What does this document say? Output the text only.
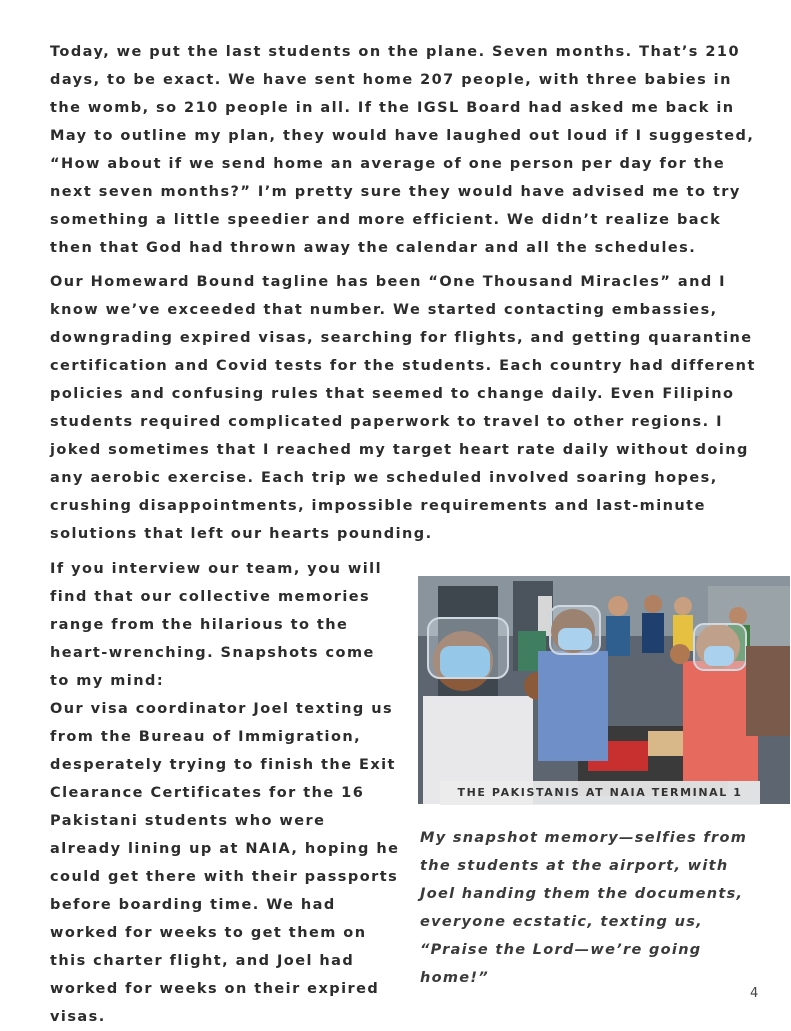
Today, we put the last students on the plane. Seven months. That’s 210 days, to be exact. We have sent home 207 people, with three babies in the womb, so 210 people in all. If the IGSL Board had asked me back in May to outline my plan, they would have laughed out loud if I suggested, “How about if we send home an average of one person per day for the next seven months?” I’m pretty sure they would have advised me to try something a little speedier and more efficient. We didn’t realize back then that God had thrown away the calendar and all the schedules.

Our Homeward Bound tagline has been “One Thousand Miracles” and I know we’ve exceeded that number. We started contacting embassies, downgrading expired visas, searching for flights, and getting quarantine certification and Covid tests for the students. Each country had different policies and confusing rules that seemed to change daily. Even Filipino students required complicated paperwork to travel to other regions. I joked sometimes that I reached my target heart rate daily without doing any aerobic exercise. Each trip we scheduled involved soaring hopes, crushing disappointments, impossible requirements and last-minute solutions that left our hearts pounding.

If you interview our team, you will find that our collective memories range from the hilarious to the heart-wrenching. Snapshots come to my mind:
Our visa coordinator Joel texting us from the Bureau of Immigration, desperately trying to finish the Exit Clearance Certificates for the 16 Pakistani students who were already lining up at NAIA, hoping he could get there with their passports before boarding time. We had worked for weeks to get them on this charter flight, and Joel had worked for weeks on their expired visas.

THE PAKISTANIS AT NAIA TERMINAL 1

My snapshot memory—selfies from the students at the airport, with Joel handing them the documents, everyone ecstatic, texting us, “Praise the Lord—we’re going home!”

4
